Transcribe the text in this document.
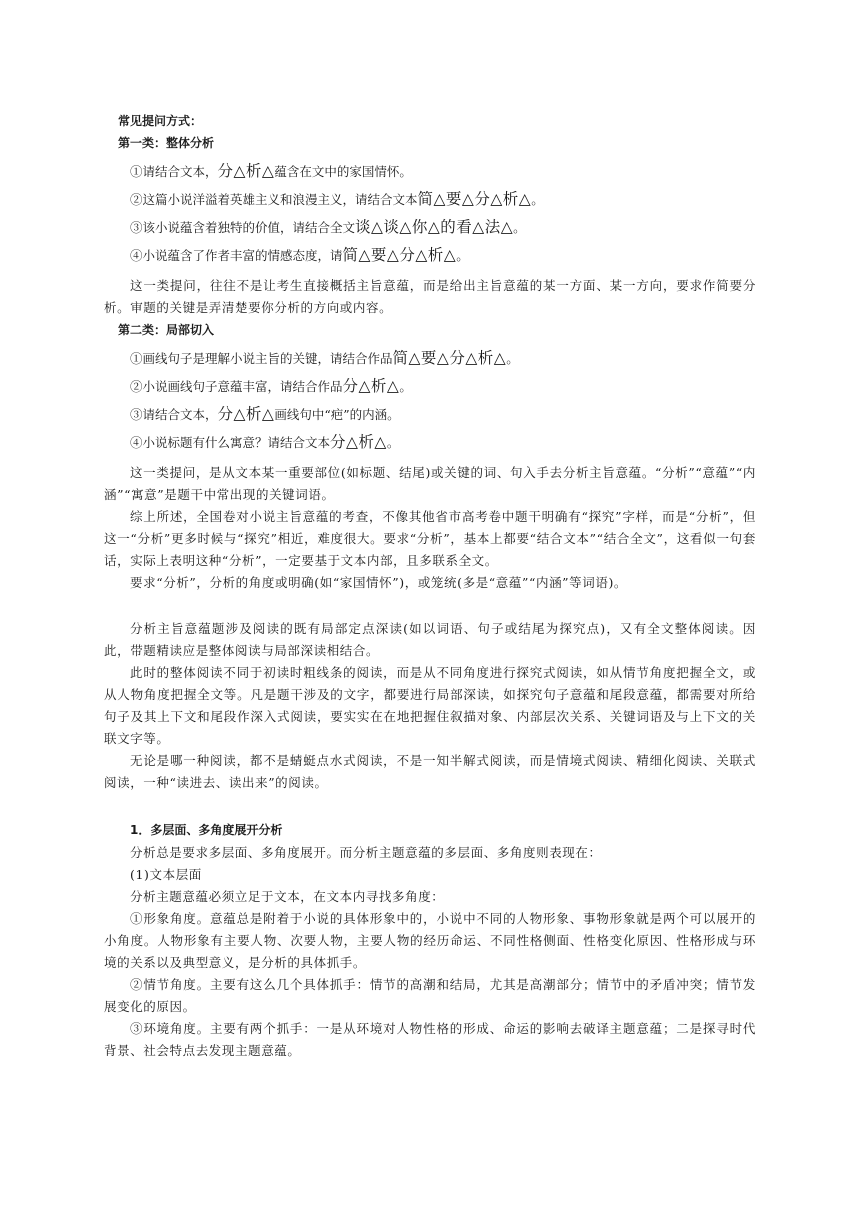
常见提问方式：
第一类：整体分析
①请结合文本，分△析△蕴含在文中的家国情怀。
②这篇小说洋溢着英雄主义和浪漫主义，请结合文本简△要△分△析△。
③该小说蕴含着独特的价值，请结合全文谈△谈△你△的看△法△。
④小说蕴含了作者丰富的情感态度，请简△要△分△析△。

这一类提问，往往不是让考生直接概括主旨意蕴，而是给出主旨意蕴的某一方面、某一方向，要求作简要分析。审题的关键是弄清楚要你分析的方向或内容。

第二类：局部切入
①画线句子是理解小说主旨的关键，请结合作品简△要△分△析△。
②小说画线句子意蕴丰富，请结合作品分△析△。
③请结合文本，分△析△画线句中“疤”的内涵。
④小说标题有什么寓意？请结合文本分△析△。

这一类提问，是从文本某一重要部位(如标题、结尾)或关键的词、句入手去分析主旨意蕴。“分析”“意蕴”“内涵”“寓意”是题干中常出现的关键词语。

综上所述，全国卷对小说主旨意蕴的考查，不像其他省市高考卷中题干明确有“探究”字样，而是“分析”，但这一“分析”更多时候与“探究”相近，难度很大。要求“分析”，基本上都要“结合文本”“结合全文”，这看似一句套话，实际上表明这种“分析”，一定要基于文本内部，且多联系全文。

要求“分析”，分析的角度或明确(如“家国情怀”)，或笼统(多是“意蕴”“内涵”等词语)。

分析主旨意蕴题涉及阅读的既有局部定点深读(如以词语、句子或结尾为探究点)，又有全文整体阅读。因此，带题精读应是整体阅读与局部深读相结合。

此时的整体阅读不同于初读时粗线条的阅读，而是从不同角度进行探究式阅读，如从情节角度把握全文，或从人物角度把握全文等。凡是题干涉及的文字，都要进行局部深读，如探究句子意蕴和尾段意蕴，都需要对所给句子及其上下文和尾段作深入式阅读，要实实在在地把握住叙描对象、内部层次关系、关键词语及与上下文的关联文字等。

无论是哪一种阅读，都不是蜻蜓点水式阅读，不是一知半解式阅读，而是情境式阅读、精细化阅读、关联式阅读，一种“读进去、读出来”的阅读。

1．多层面、多角度展开分析
分析总是要求多层面、多角度展开。而分析主题意蕴的多层面、多角度则表现在：
(1)文本层面
分析主题意蕴必须立足于文本，在文本内寻找多角度：

①形象角度。意蕴总是附着于小说的具体形象中的，小说中不同的人物形象、事物形象就是两个可以展开的小角度。人物形象有主要人物、次要人物，主要人物的经历命运、不同性格侧面、性格变化原因、性格形成与环境的关系以及典型意义，是分析的具体抓手。

②情节角度。主要有这么几个具体抓手：情节的高潮和结局，尤其是高潮部分；情节中的矛盾冲突；情节发展变化的原因。

③环境角度。主要有两个抓手：一是从环境对人物性格的形成、命运的影响去破译主题意蕴；二是探寻时代背景、社会特点去发现主题意蕴。
